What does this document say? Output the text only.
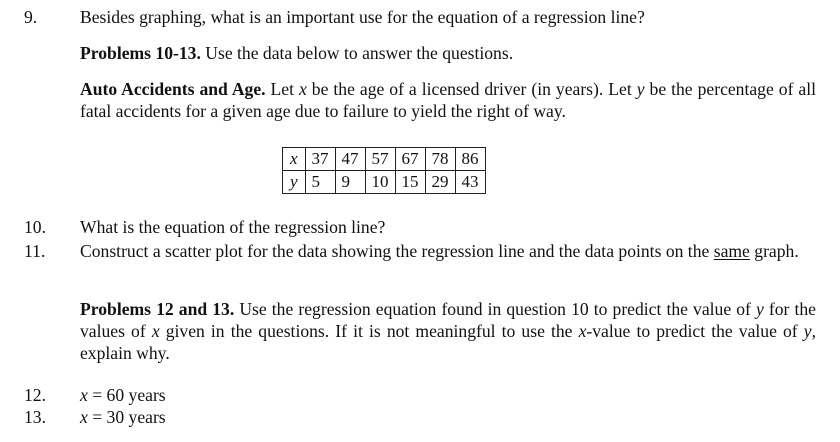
9. Besides graphing, what is an important use for the equation of a regression line?
Problems 10-13. Use the data below to answer the questions.
Auto Accidents and Age. Let x be the age of a licensed driver (in years). Let y be the percentage of all fatal accidents for a given age due to failure to yield the right of way.
x	37	47	57	67	78	86
y	5	9	10	15	29	43
10. What is the equation of the regression line?
11. Construct a scatter plot for the data showing the regression line and the data points on the same graph.
Problems 12 and 13. Use the regression equation found in question 10 to predict the value of y for the values of x given in the questions. If it is not meaningful to use the x-value to predict the value of y, explain why.
12. x = 60 years
13. x = 30 years
